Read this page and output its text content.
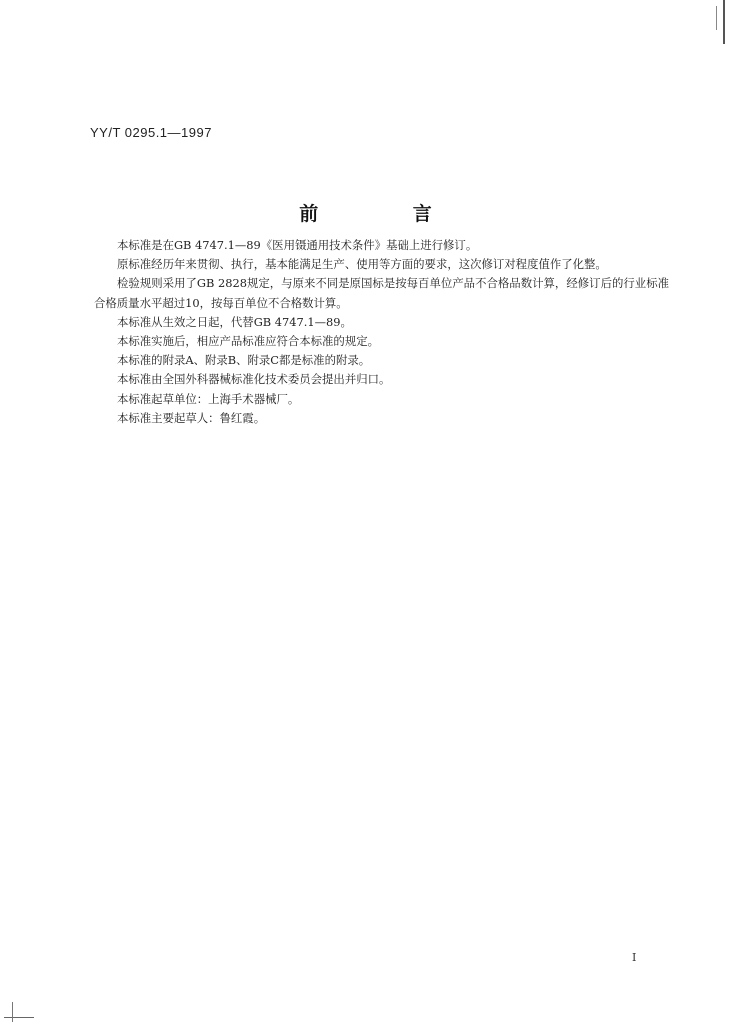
YY/T 0295.1—1997
前 言

本标准是在GB 4747.1—89《医用镊通用技术条件》基础上进行修订。

原标准经历年来贯彻、执行，基本能满足生产、使用等方面的要求，这次修订对程度值作了化整。

检验规则采用了GB 2828规定，与原来不同是原国标是按每百单位产品不合格品数计算，经修订后的行业标准合格质量水平超过10，按每百单位不合格数计算。

本标准从生效之日起，代替GB 4747.1—89。

本标准实施后，相应产品标准应符合本标准的规定。

本标准的附录A、附录B、附录C都是标准的附录。

本标准由全国外科器械标准化技术委员会提出并归口。

本标准起草单位：上海手术器械厂。

本标准主要起草人：鲁红霞。

I
